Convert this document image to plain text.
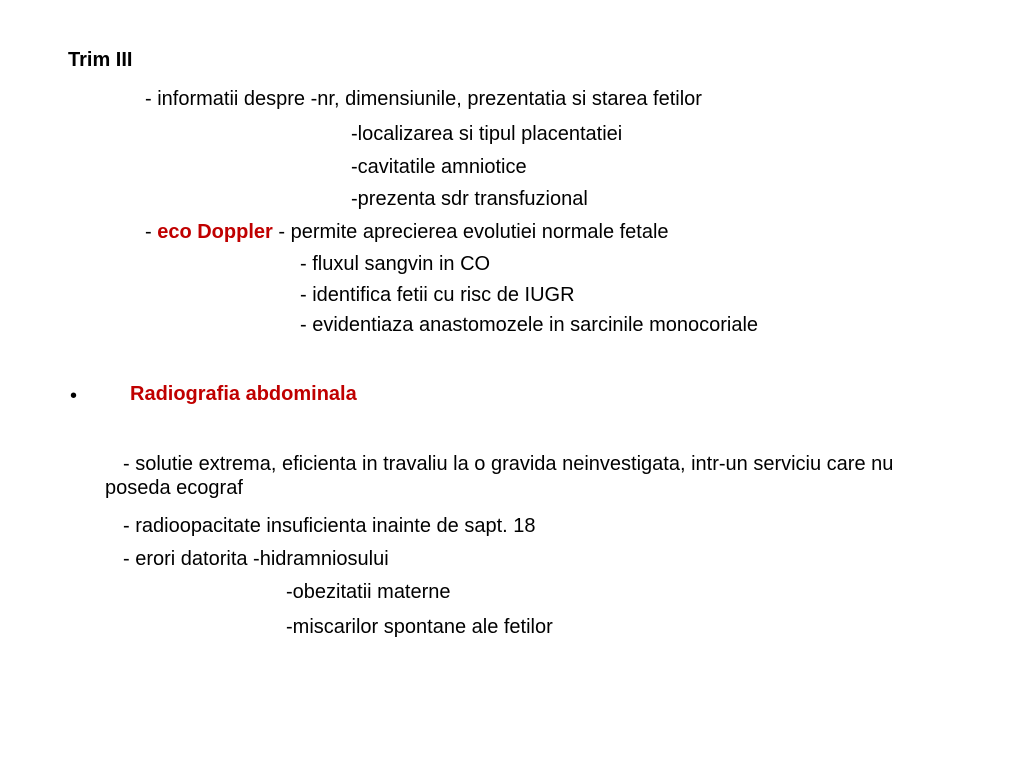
Trim III
- informatii despre -nr, dimensiunile, prezentatia si starea fetilor
-localizarea si tipul placentatiei
-cavitatile amniotice
-prezenta sdr transfuzional
- eco Doppler - permite aprecierea evolutiei normale fetale
- fluxul sangvin in CO
- identifica fetii cu risc de IUGR
- evidentiaza anastomozele in sarcinile monocoriale
•	Radiografia abdominala
- solutie extrema, eficienta in travaliu la o gravida neinvestigata, intr-un serviciu care nu poseda ecograf
- radioopacitate insuficienta inainte de sapt. 18
- erori datorita -hidramniosului
-obezitatii materne
-miscarilor spontane ale fetilor
